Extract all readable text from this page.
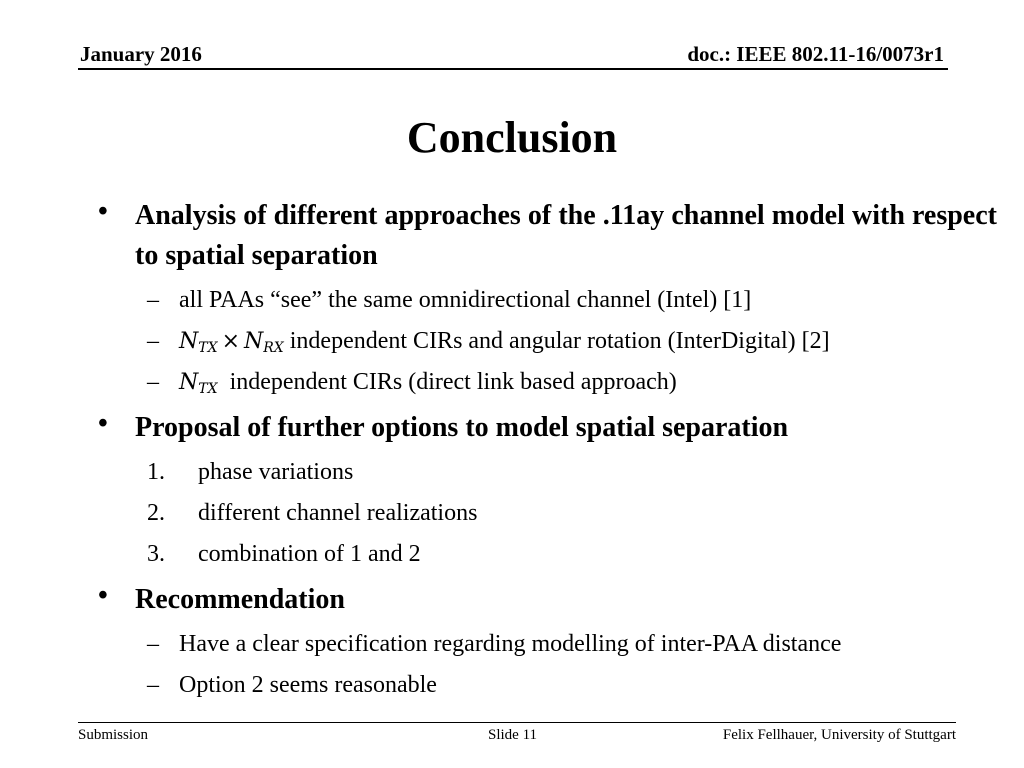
January 2016	doc.: IEEE 802.11-16/0073r1
Conclusion
• Analysis of different approaches of the .11ay channel model with respect to spatial separation
– all PAAs “see” the same omnidirectional channel (Intel) [1]
– $N_{TX} \times N_{RX}$ independent CIRs and angular rotation (InterDigital) [2]
– $N_{TX}$ independent CIRs (direct link based approach)
• Proposal of further options to model spatial separation
1. phase variations
2. different channel realizations
3. combination of 1 and 2
• Recommendation
– Have a clear specification regarding modelling of inter-PAA distance
– Option 2 seems reasonable
Submission	Slide 11	Felix Fellhauer, University of Stuttgart
